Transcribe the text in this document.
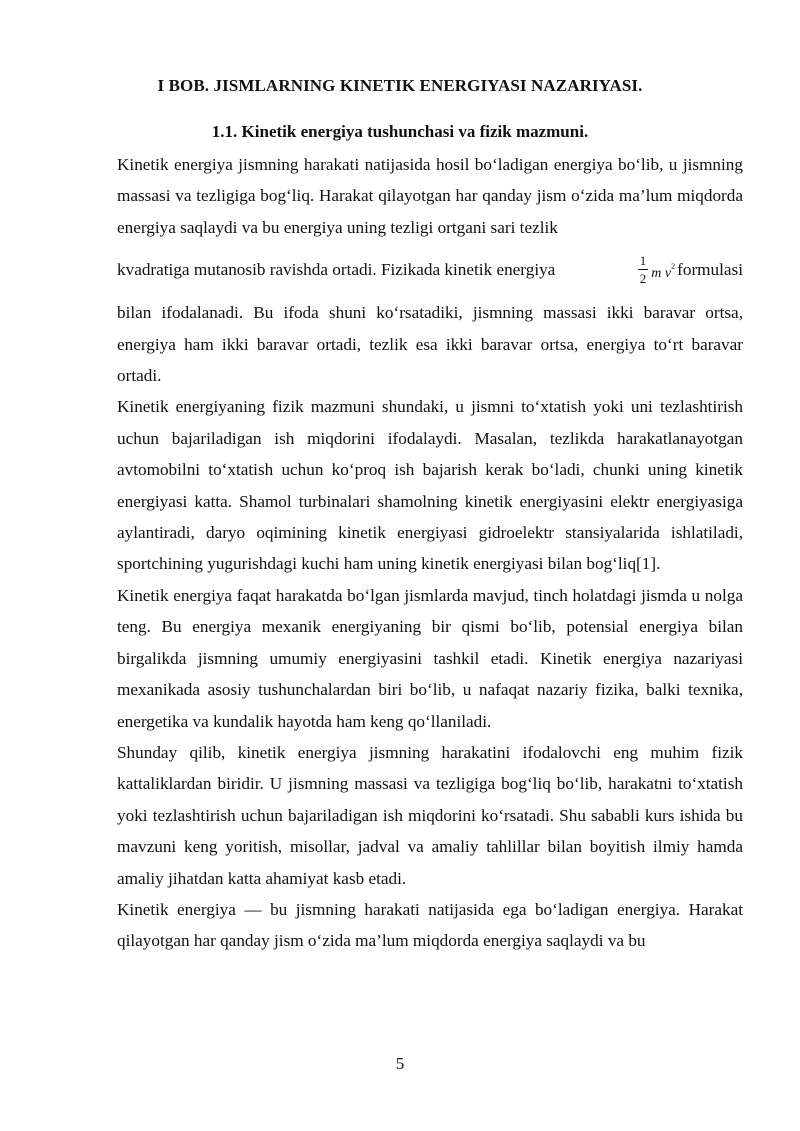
I BOB. JISMLARNING KINETIK ENERGIYASI NAZARIYASI.
1.1. Kinetik energiya tushunchasi va fizik mazmuni.

Kinetik energiya jismning harakati natijasida hosil bo‘ladigan energiya bo‘lib, u jismning massasi va tezligiga bog‘liq. Harakat qilayotgan har qanday jism o‘zida ma’lum miqdorda energiya saqlaydi va bu energiya uning tezligi ortgani sari tezlik

kvadratiga mutanosib ravishda ortadi. Fizikada kinetik energiya	$\frac{1}{2}$ m $v^2$ formulasi

bilan ifodalanadi. Bu ifoda shuni ko‘rsatadiki, jismning massasi ikki baravar ortsa, energiya ham ikki baravar ortadi, tezlik esa ikki baravar ortsa, energiya to‘rt baravar ortadi.

Kinetik energiyaning fizik mazmuni shundaki, u jismni to‘xtatish yoki uni tezlashtirish uchun bajariladigan ish miqdorini ifodalaydi. Masalan, tezlikda harakatlanayotgan avtomobilni to‘xtatish uchun ko‘proq ish bajarish kerak bo‘ladi, chunki uning kinetik energiyasi katta. Shamol turbinalari shamolning kinetik energiyasini elektr energiyasiga aylantiradi, daryo oqimining kinetik energiyasi gidroelektr stansiyalarida ishlatiladi, sportchining yugurishdagi kuchi ham uning kinetik energiyasi bilan bog‘liq[1].

Kinetik energiya faqat harakatda bo‘lgan jismlarda mavjud, tinch holatdagi jismda u nolga teng. Bu energiya mexanik energiyaning bir qismi bo‘lib, potensial energiya bilan birgalikda jismning umumiy energiyasini tashkil etadi. Kinetik energiya nazariyasi mexanikada asosiy tushunchalardan biri bo‘lib, u nafaqat nazariy fizika, balki texnika, energetika va kundalik hayotda ham keng qo‘llaniladi.

Shunday qilib, kinetik energiya jismning harakatini ifodalovchi eng muhim fizik kattaliklardan biridir. U jismning massasi va tezligiga bog‘liq bo‘lib, harakatni to‘xtatish yoki tezlashtirish uchun bajariladigan ish miqdorini ko‘rsatadi. Shu sababli kurs ishida bu mavzuni keng yoritish, misollar, jadval va amaliy tahlillar bilan boyitish ilmiy hamda amaliy jihatdan katta ahamiyat kasb etadi.

Kinetik energiya — bu jismning harakati natijasida ega bo‘ladigan energiya. Harakat qilayotgan har qanday jism o‘zida ma’lum miqdorda energiya saqlaydi va bu

5
